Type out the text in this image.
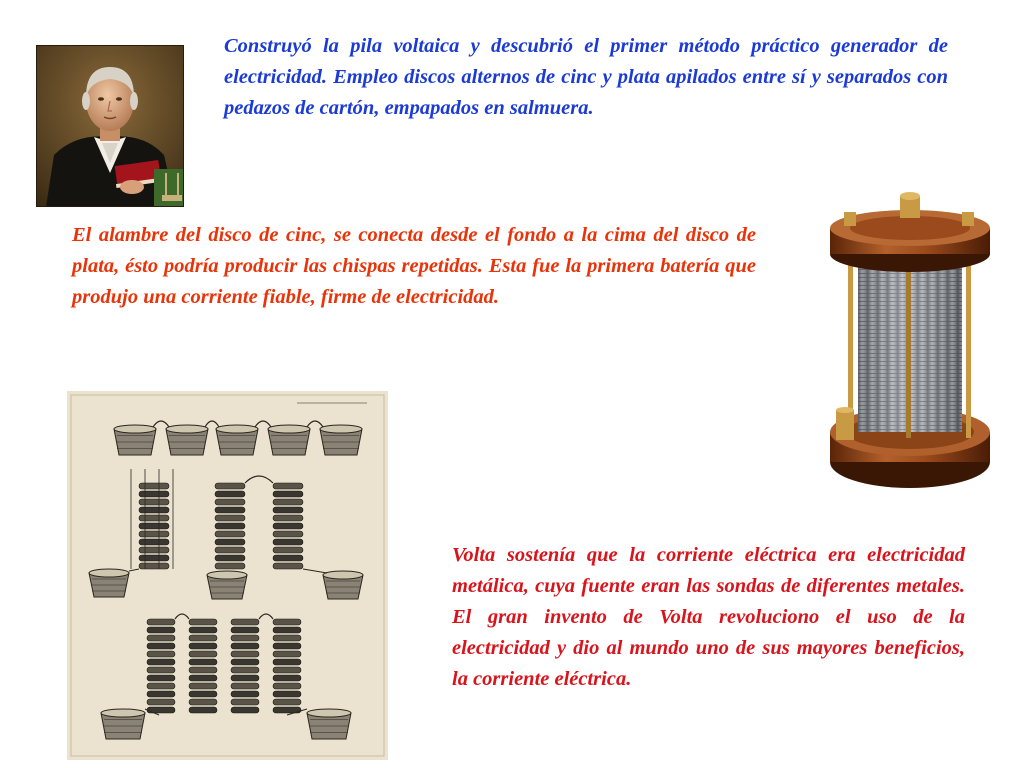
Construyó la pila voltaica y descubrió el primer método práctico generador de electricidad. Empleo discos alternos de cinc y plata apilados entre sí y separados con pedazos de cartón, empapados en salmuera.

El alambre del disco de cinc, se conecta desde el fondo a la cima del disco de plata, ésto podría producir las chispas repetidas. Esta fue la primera batería que produjo una corriente fiable, firme de electricidad.

Volta sostenía que la corriente eléctrica era electricidad metálica, cuya fuente eran las sondas de diferentes metales. El gran invento de Volta revoluciono el uso de la electricidad y dio al mundo uno de sus mayores beneficios, la corriente eléctrica.
